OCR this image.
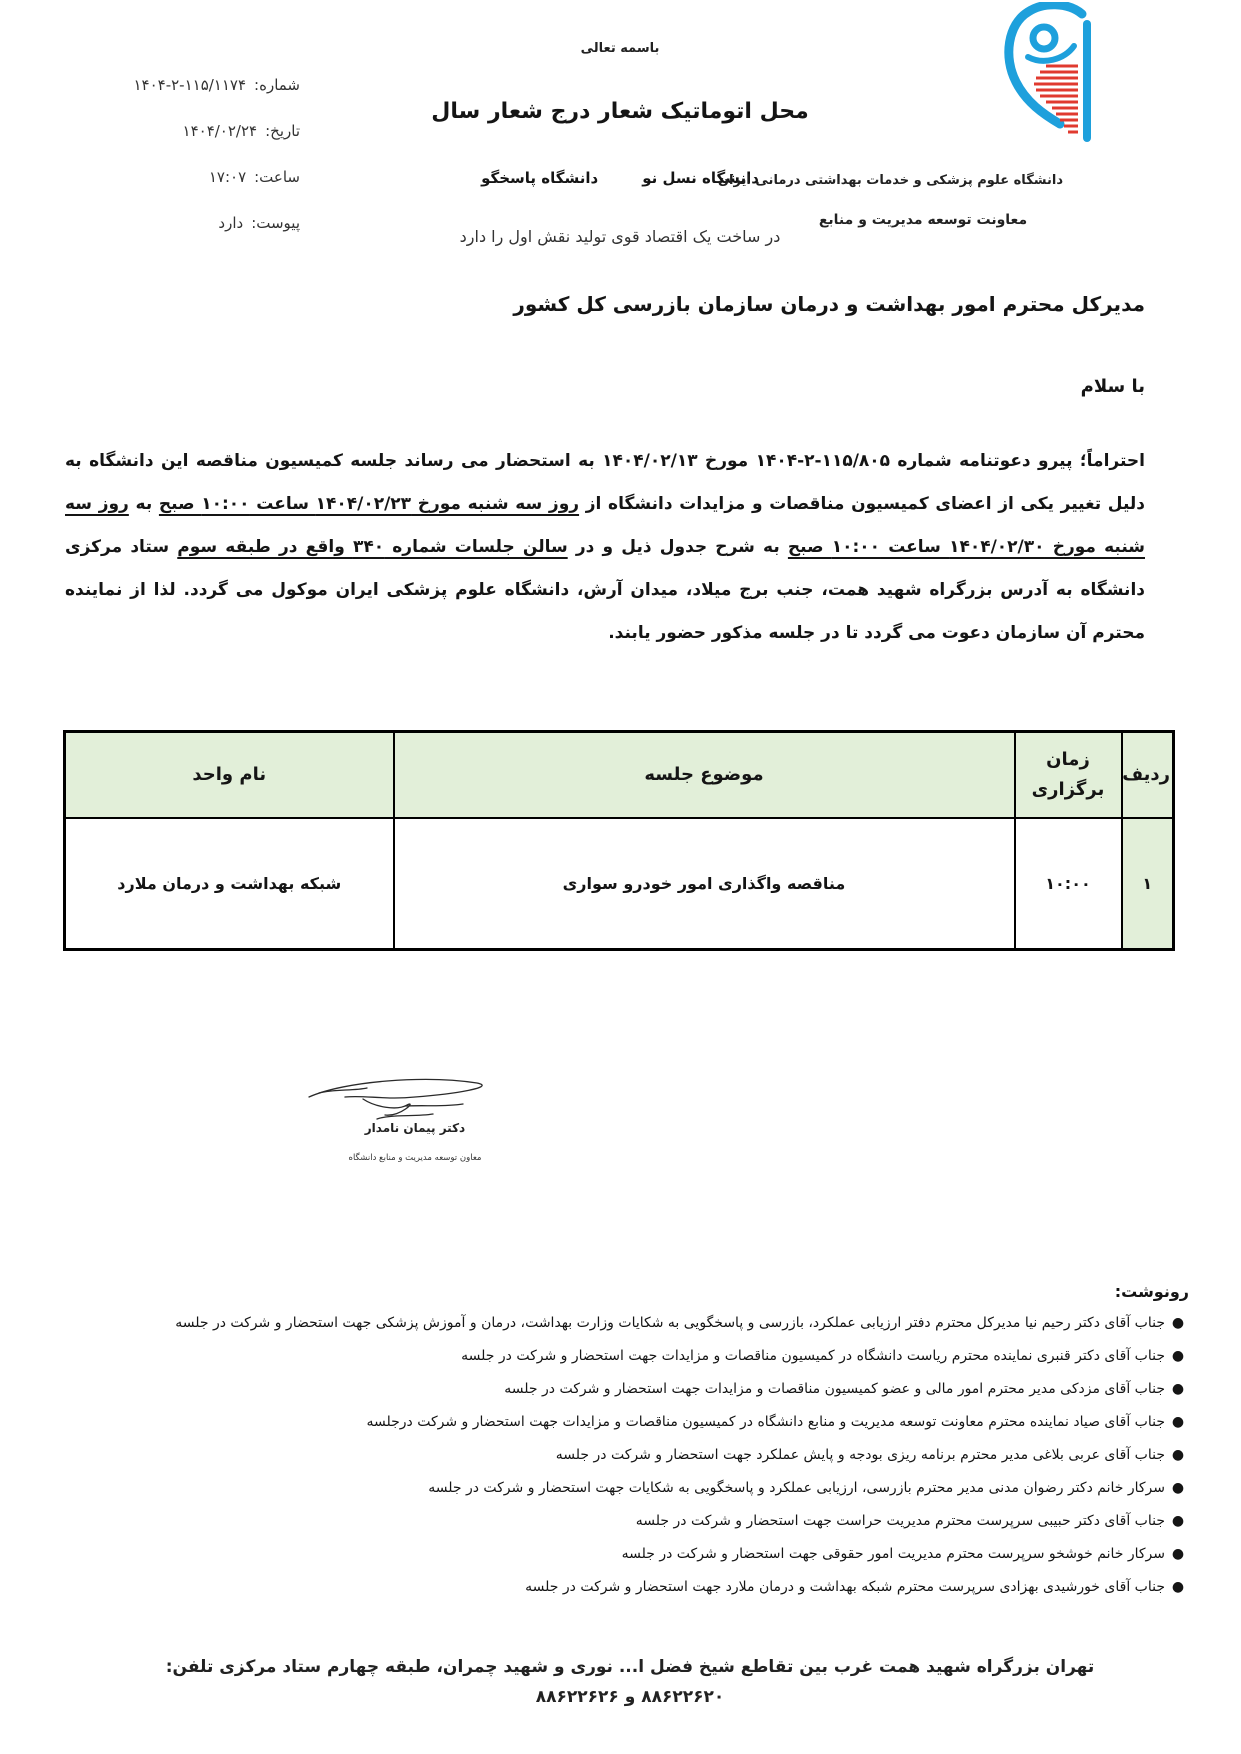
شماره:۱۴۰۴-۲-۱۱۵/۱۱۷۴
تاریخ:۱۴۰۴/۰۲/۲۴
ساعت:۱۷:۰۷
پیوست:دارد
باسمه تعالی
محل اتوماتیک شعار درج شعار سال
دانشگاه نسل نودانشگاه پاسخگو
در ساخت یک اقتصاد قوی تولید نقش اول را دارد
دانشگاه علوم پزشکی و خدمات بهداشتی درمانی ایران
معاونت توسعه مدیریت و منابع
مدیرکل محترم امور بهداشت و درمان سازمان بازرسی کل کشور
با سلام

احتراماً؛ پیرو دعوتنامه شماره ۱۴۰۴-۲-۱۱۵/۸۰۵ مورخ ۱۴۰۴/۰۲/۱۳ به استحضار می رساند جلسه کمیسیون مناقصه این دانشگاه به دلیل تغییر یکی از اعضای کمیسیون مناقصات و مزایدات دانشگاه از روز سه شنبه مورخ ۱۴۰۴/۰۲/۲۳ ساعت ۱۰:۰۰ صبح به روز سه شنبه مورخ ۱۴۰۴/۰۲/۳۰ ساعت ۱۰:۰۰ صبح به شرح جدول ذیل و در سالن جلسات شماره ۳۴۰ واقع در طبقه سوم ستاد مرکزی دانشگاه به آدرس بزرگراه شهید همت، جنب برج میلاد، میدان آرش، دانشگاه علوم پزشکی ایران موکول می گردد. لذا از نماینده محترم آن سازمان دعوت می گردد تا در جلسه مذکور حضور یابند.

ردیف	زمان برگزاری	موضوع جلسه	نام واحد
۱	۱۰:۰۰	مناقصه واگذاری امور خودرو سواری	شبکه بهداشت و درمان ملارد
دکتر پیمان نامدار
معاون توسعه مدیریت و منابع دانشگاه
رونوشت:
●
جناب آقای دکتر رحیم نیا مدیرکل محترم دفتر ارزیابی عملکرد، بازرسی و پاسخگویی به شکایات وزارت بهداشت، درمان و آموزش پزشکی جهت استحضار و شرکت در جلسه
●
جناب آقای دکتر قنبری نماینده محترم ریاست دانشگاه در کمیسیون مناقصات و مزایدات جهت استحضار و شرکت در جلسه
●
جناب آقای مزدکی مدیر محترم امور مالی و عضو کمیسیون مناقصات و مزایدات جهت استحضار و شرکت در جلسه
●
جناب آقای صیاد نماینده محترم معاونت توسعه مدیریت و منابع دانشگاه در کمیسیون مناقصات و مزایدات جهت استحضار و شرکت درجلسه
●
جناب آقای عربی بلاغی مدیر محترم برنامه ریزی بودجه و پایش عملکرد جهت استحضار و شرکت در جلسه
●
سرکار خانم دکتر رضوان مدنی مدیر محترم بازرسی، ارزیابی عملکرد و پاسخگویی به شکایات جهت استحضار و شرکت در جلسه
●
جناب آقای دکتر حبیبی سرپرست محترم مدیریت حراست جهت استحضار و شرکت در جلسه
●
سرکار خانم خوشخو سرپرست محترم مدیریت امور حقوقی جهت استحضار و شرکت در جلسه
●
جناب آقای خورشیدی بهزادی سرپرست محترم شبکه بهداشت و درمان ملارد جهت استحضار و شرکت در جلسه
تهران بزرگراه شهید همت غرب بین تقاطع شیخ فضل ا... نوری و شهید چمران، طبقه چهارم ستاد مرکزی تلفن: ۸۸۶۲۲۶۲۰ و ۸۸۶۲۲۶۲۶
